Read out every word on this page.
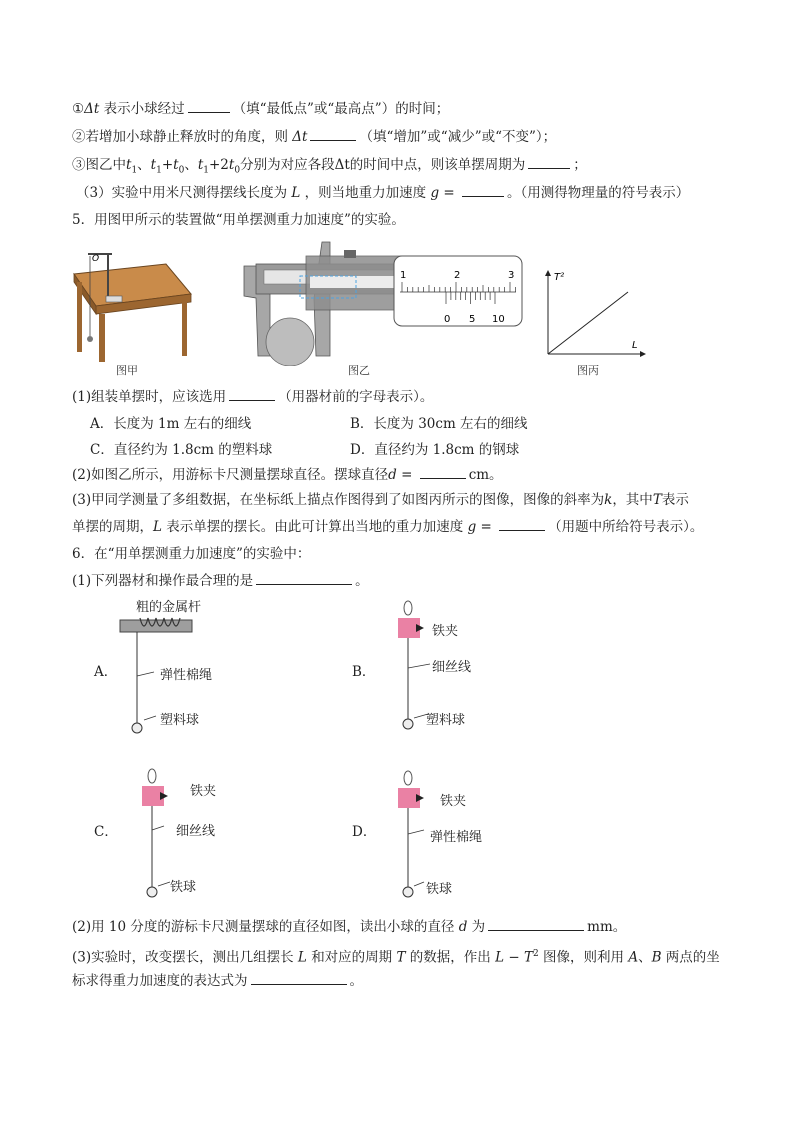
①Δt 表示小球经过	（填“最低点”或“最高点”）的时间；
②若增加小球静止释放时的角度，则 Δt	（填“增加”或“减少”或“不变”）；
③图乙中$t_1$、$t_1+t_0$、$t_1+2t_0$分别为对应各段Δt的时间中点，则该单摆周期为	；
（3）实验中用米尺测得摆线长度为 L ，则当地重力加速度 g =	。（用测得物理量的符号表示）
5．用图甲所示的装置做“用单摆测重力加速度”的实验。
O
图甲
1	2	3
0 5 10
图乙
T²
L
图丙
(1)组装单摆时，应该选用	（用器材前的字母表示）。
A．长度为 1m 左右的细线	B．长度为 30cm 左右的细线
C．直径约为 1.8cm 的塑料球	D．直径约为 1.8cm 的钢球
(2)如图乙所示，用游标卡尺测量摆球直径。摆球直径d =	cm。
(3)甲同学测量了多组数据，在坐标纸上描点作图得到了如图丙所示的图像，图像的斜率为k，其中T表示
单摆的周期，L 表示单摆的摆长。由此可计算出当地的重力加速度 g =	（用题中所给符号表示）。
6．在“用单摆测重力加速度”的实验中：
(1)下列器材和操作最合理的是	。
A．
粗的金属杆
弹性棉绳
塑料球
B．
铁夹
细丝线
塑料球
C．
铁夹
细丝线
铁球
D．
铁夹
弹性棉绳
铁球
(2)用 10 分度的游标卡尺测量摆球的直径如图，读出小球的直径 d 为	mm。
(3)实验时，改变摆长，测出几组摆长 L 和对应的周期 T 的数据，作出 $L - T^2$ 图像，则利用 A、B 两点的坐
标求得重力加速度的表达式为	。
